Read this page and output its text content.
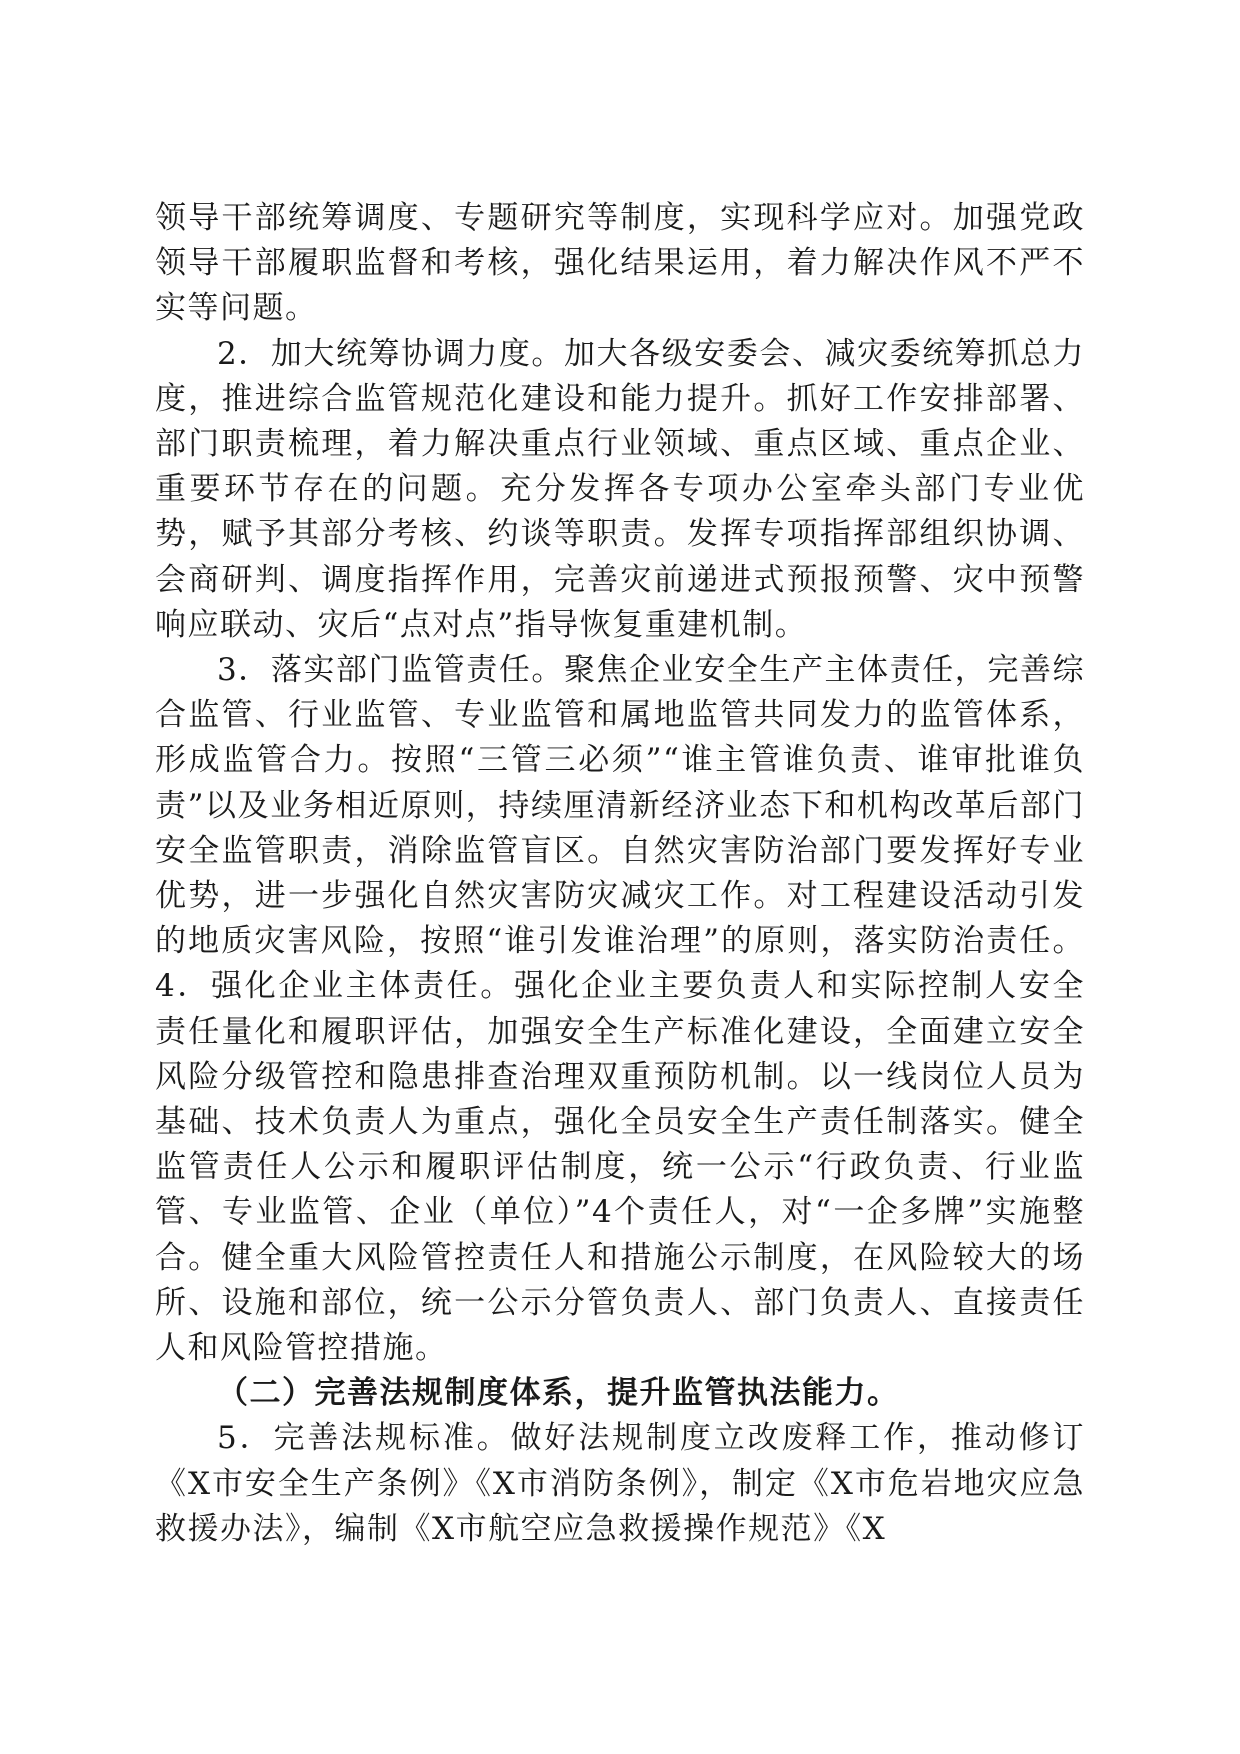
领导干部统筹调度、专题研究等制度，实现科学应对。加强党政领导干部履职监督和考核，强化结果运用，着力解决作风不严不实等问题。

2．加大统筹协调力度。加大各级安委会、减灾委统筹抓总力度，推进综合监管规范化建设和能力提升。抓好工作安排部署、部门职责梳理，着力解决重点行业领域、重点区域、重点企业、重要环节存在的问题。充分发挥各专项办公室牵头部门专业优势，赋予其部分考核、约谈等职责。发挥专项指挥部组织协调、会商研判、调度指挥作用，完善灾前递进式预报预警、灾中预警响应联动、灾后“点对点”指导恢复重建机制。

3．落实部门监管责任。聚焦企业安全生产主体责任，完善综合监管、行业监管、专业监管和属地监管共同发力的监管体系，形成监管合力。按照“三管三必须”“谁主管谁负责、谁审批谁负责”以及业务相近原则，持续厘清新经济业态下和机构改革后部门安全监管职责，消除监管盲区。自然灾害防治部门要发挥好专业优势，进一步强化自然灾害防灾减灾工作。对工程建设活动引发的地质灾害风险，按照“谁引发谁治理”的原则，落实防治责任。4．强化企业主体责任。强化企业主要负责人和实际控制人安全责任量化和履职评估，加强安全生产标准化建设，全面建立安全风险分级管控和隐患排查治理双重预防机制。以一线岗位人员为基础、技术负责人为重点，强化全员安全生产责任制落实。健全监管责任人公示和履职评估制度，统一公示“行政负责、行业监管、专业监管、企业（单位）”4个责任人，对“一企多牌”实施整合。健全重大风险管控责任人和措施公示制度，在风险较大的场所、设施和部位，统一公示分管负责人、部门负责人、直接责任人和风险管控措施。

（二）完善法规制度体系，提升监管执法能力。

5．完善法规标准。做好法规制度立改废释工作，推动修订《X市安全生产条例》《X市消防条例》，制定《X市危岩地灾应急救援办法》，编制《X市航空应急救援操作规范》《X
